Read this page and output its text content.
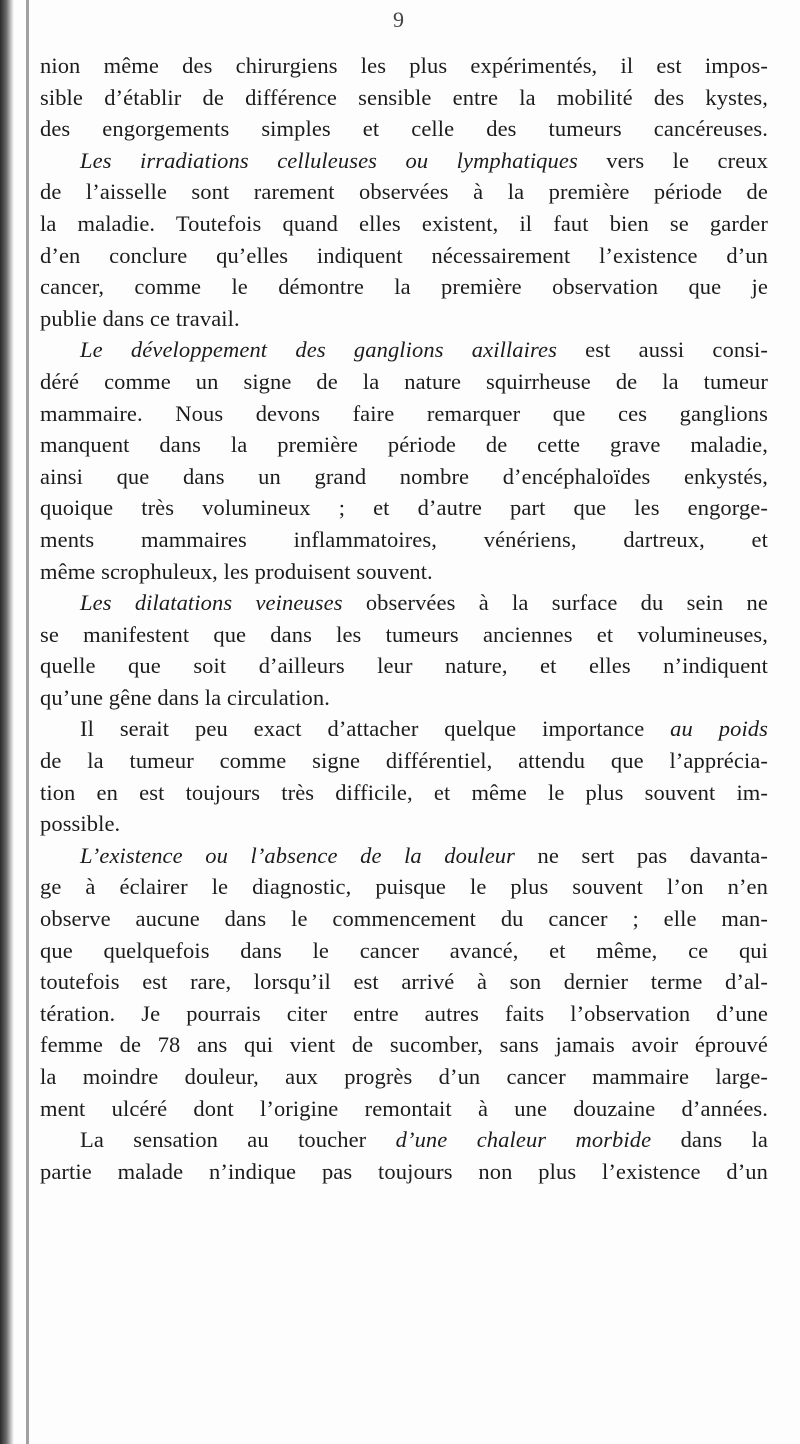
9
nion même des chirurgiens les plus expérimentés, il est impos-
sible d’établir de différence sensible entre la mobilité des kystes,
des engorgements simples et celle des tumeurs cancéreuses.
Les irradiations celluleuses ou lymphatiques vers le creux
de l’aisselle sont rarement observées à la première période de
la maladie. Toutefois quand elles existent, il faut bien se garder
d’en conclure qu’elles indiquent nécessairement l’existence d’un
cancer, comme le démontre la première observation que je
publie dans ce travail.
Le développement des ganglions axillaires est aussi consi-
déré comme un signe de la nature squirrheuse de la tumeur
mammaire. Nous devons faire remarquer que ces ganglions
manquent dans la première période de cette grave maladie,
ainsi que dans un grand nombre d’encéphaloïdes enkystés,
quoique très volumineux ; et d’autre part que les engorge-
ments mammaires inflammatoires, vénériens, dartreux, et
même scrophuleux, les produisent souvent.
Les dilatations veineuses observées à la surface du sein ne
se manifestent que dans les tumeurs anciennes et volumineuses,
quelle que soit d’ailleurs leur nature, et elles n’indiquent
qu’une gêne dans la circulation.
Il serait peu exact d’attacher quelque importance au poids
de la tumeur comme signe différentiel, attendu que l’apprécia-
tion en est toujours très difficile, et même le plus souvent im-
possible.
L’existence ou l’absence de la douleur ne sert pas davanta-
ge à éclairer le diagnostic, puisque le plus souvent l’on n’en
observe aucune dans le commencement du cancer ; elle man-
que quelquefois dans le cancer avancé, et même, ce qui
toutefois est rare, lorsqu’il est arrivé à son dernier terme d’al-
tération. Je pourrais citer entre autres faits l’observation d’une
femme de 78 ans qui vient de sucomber, sans jamais avoir éprouvé
la moindre douleur, aux progrès d’un cancer mammaire large-
ment ulcéré dont l’origine remontait à une douzaine d’années.
La sensation au toucher d’une chaleur morbide dans la
partie malade n’indique pas toujours non plus l’existence d’un
